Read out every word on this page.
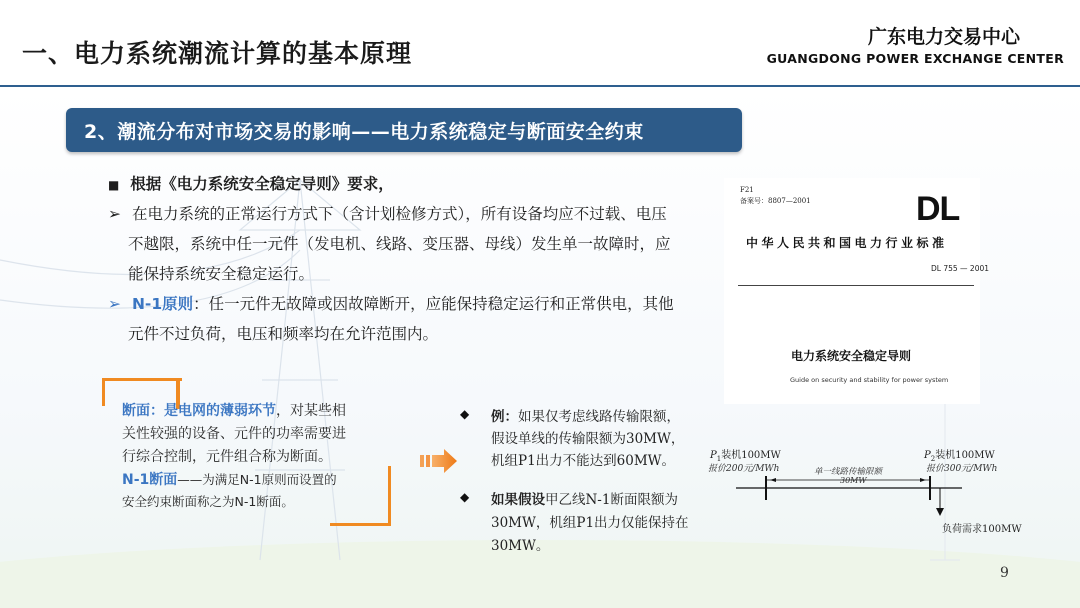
一、电力系统潮流计算的基本原理
广东电力交易中心
GUANGDONG POWER EXCHANGE CENTER
2、潮流分布对市场交易的影响——电力系统稳定与断面安全约束
■ 根据《电力系统安全稳定导则》要求，
➢ 在电力系统的正常运行方式下（含计划检修方式），所有设备均应不过载、电压
不越限，系统中任一元件（发电机、线路、变压器、母线）发生单一故障时，应
能保持系统安全稳定运行。
➢ N-1原则：任一元件无故障或因故障断开，应能保持稳定运行和正常供电，其他
元件不过负荷，电压和频率均在允许范围内。
F21
备案号：8807—2001	DL
中华人民共和国电力行业标准
DL 755 — 2001
电力系统安全稳定导则
Guide on security and stability for power system
断面：是电网的薄弱环节，对某些相
关性较强的设备、元件的功率需要进
行综合控制，元件组合称为断面。
N-1断面——为满足N-1原则而设置的
安全约束断面称之为N-1断面。
◆ 例：如果仅考虑线路传输限额，
假设单线的传输限额为30MW，
机组P1出力不能达到60MW。
◆ 如果假设甲乙线N-1断面限额为
30MW，机组P1出力仅能保持在
30MW。
$P_1$装机100MW
报价200元/MWh
$P_2$装机100MW
报价300元/MWh
单一线路传输限额
30MW
负荷需求100MW
9
